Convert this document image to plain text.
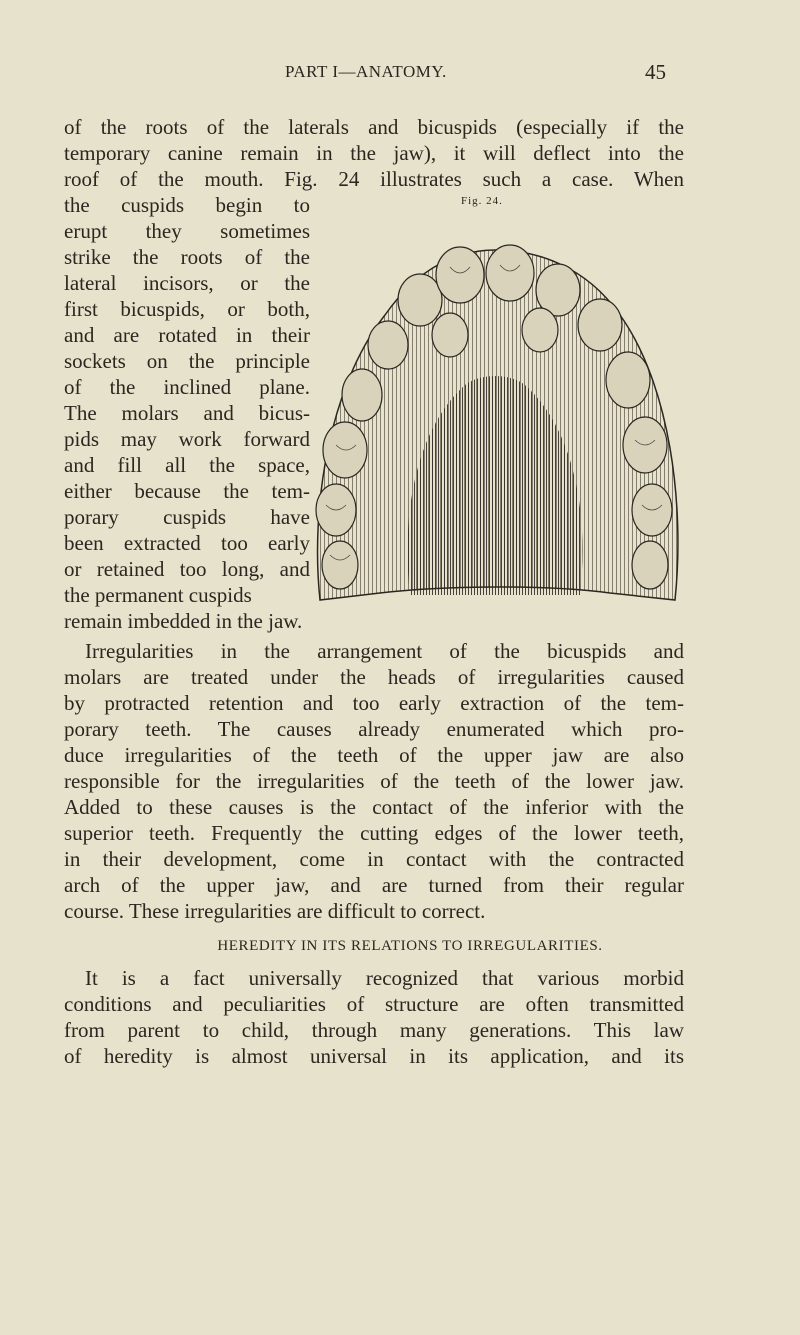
PART I—ANATOMY.	45
of the roots of the laterals and bicuspids (especially if the
temporary canine remain in the jaw), it will deflect into the
roof of the mouth. Fig. 24 illustrates such a case. When
the cuspids begin to
erupt they sometimes
strike the roots of the
lateral incisors, or the
first bicuspids, or both,
and are rotated in their
sockets on the principle
of the inclined plane.
The molars and bicus-
pids may work forward
and fill all the space,
either because the tem-
porary cuspids have
been extracted too early
or retained too long, and
the permanent cuspids
remain imbedded in the jaw.
Irregularities in the arrangement of the bicuspids and
molars are treated under the heads of irregularities caused
by protracted retention and too early extraction of the tem-
porary teeth. The causes already enumerated which pro-
duce irregularities of the teeth of the upper jaw are also
responsible for the irregularities of the teeth of the lower jaw.
Added to these causes is the contact of the inferior with the
superior teeth. Frequently the cutting edges of the lower teeth,
in their development, come in contact with the contracted
arch of the upper jaw, and are turned from their regular
course. These irregularities are difficult to correct.
HEREDITY IN ITS RELATIONS TO IRREGULARITIES.
It is a fact universally recognized that various morbid
conditions and peculiarities of structure are often transmitted
from parent to child, through many generations. This law
of heredity is almost universal in its application, and its
Fig. 24.
